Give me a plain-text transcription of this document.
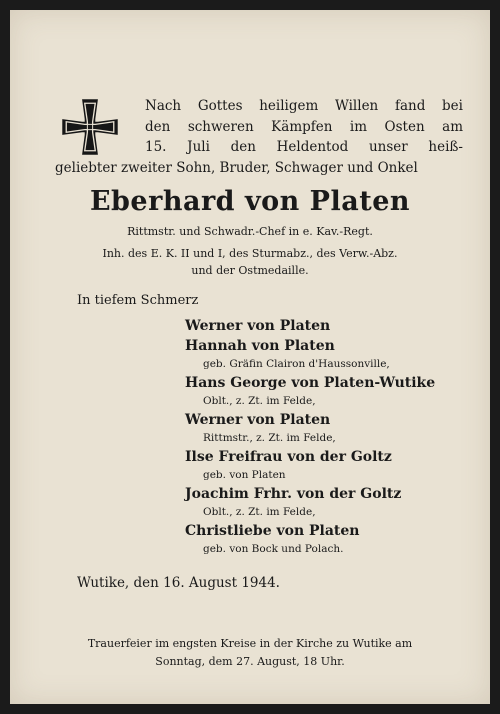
Nach Gottes heiligem Willen fand bei
den schweren Kämpfen im Osten am
15. Juli den Heldentod unser heiß-
geliebter zweiter Sohn, Bruder, Schwager und Onkel
Eberhard von Platen
Rittmstr. und Schwadr.-Chef in e. Kav.-Regt.
Inh. des E. K. II und I, des Sturmabz., des Verw.-Abz.
und der Ostmedaille.
In tiefem Schmerz
Werner von Platen
Hannah von Platen
geb. Gräfin Clairon d'Haussonville,
Hans George von Platen-Wutike
Oblt., z. Zt. im Felde,
Werner von Platen
Rittmstr., z. Zt. im Felde,
Ilse Freifrau von der Goltz
geb. von Platen
Joachim Frhr. von der Goltz
Oblt., z. Zt. im Felde,
Christliebe von Platen
geb. von Bock und Polach.
Wutike, den 16. August 1944.
Trauerfeier im engsten Kreise in der Kirche zu Wutike am
Sonntag, dem 27. August, 18 Uhr.
